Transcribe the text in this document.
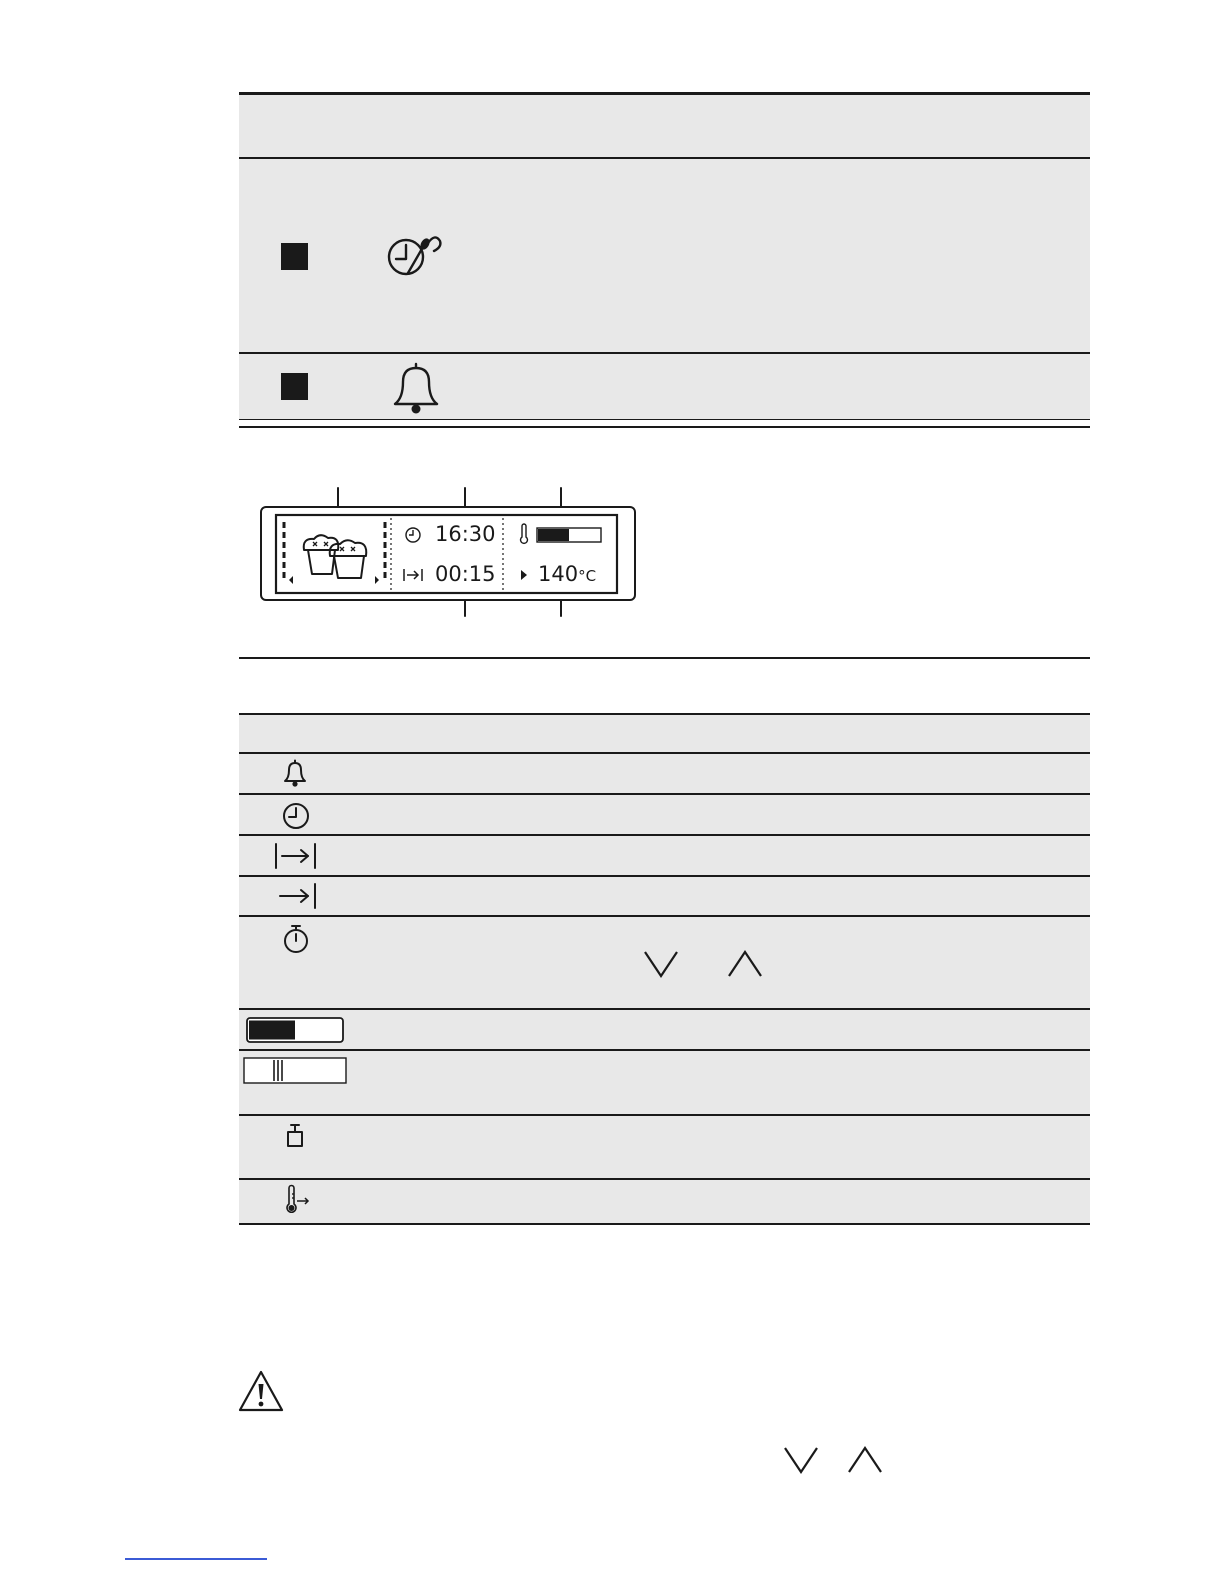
16:30
00:15 140°C
